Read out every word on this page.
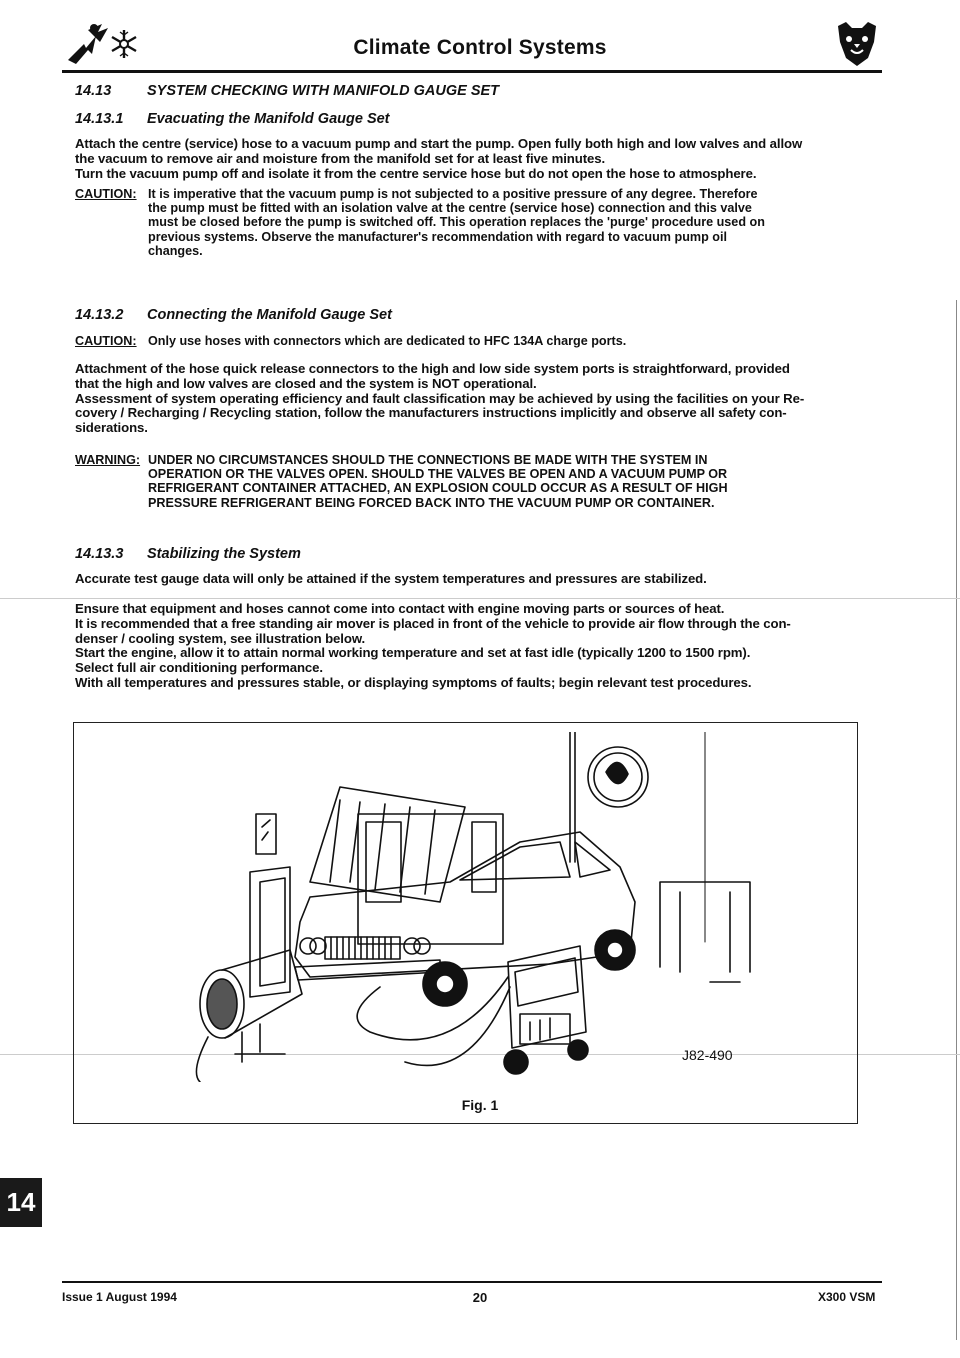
Climate Control Systems
14.13 SYSTEM CHECKING WITH MANIFOLD GAUGE SET
14.13.1 Evacuating the Manifold Gauge Set

Attach the centre (service) hose to a vacuum pump and start the pump. Open fully both high and low valves and allow

the vacuum to remove air and moisture from the manifold set for at least five minutes.

Turn the vacuum pump off and isolate it from the centre service hose but do not open the hose to atmosphere.

CAUTION: It is imperative that the vacuum pump is not subjected to a positive pressure of any degree. Therefore

the pump must be fitted with an isolation valve at the centre (service hose) connection and this valve

must be closed before the pump is switched off. This operation replaces the 'purge' procedure used on

previous systems. Observe the manufacturer's recommendation with regard to vacuum pump oil

changes.

14.13.2 Connecting the Manifold Gauge Set
CAUTION: Only use hoses with connectors which are dedicated to HFC 134A charge ports.

Attachment of the hose quick release connectors to the high and low side system ports is straightforward, provided

that the high and low valves are closed and the system is NOT operational.

Assessment of system operating efficiency and fault classification may be achieved by using the facilities on your Re-

covery / Recharging / Recycling station, follow the manufacturers instructions implicitly and observe all safety con-

siderations.

WARNING: UNDER NO CIRCUMSTANCES SHOULD THE CONNECTIONS BE MADE WITH THE SYSTEM IN

OPERATION OR THE VALVES OPEN. SHOULD THE VALVES BE OPEN AND A VACUUM PUMP OR

REFRIGERANT CONTAINER ATTACHED, AN EXPLOSION COULD OCCUR AS A RESULT OF HIGH

PRESSURE REFRIGERANT BEING FORCED BACK INTO THE VACUUM PUMP OR CONTAINER.

14.13.3 Stabilizing the System

Accurate test gauge data will only be attained if the system temperatures and pressures are stabilized.

Ensure that equipment and hoses cannot come into contact with engine moving parts or sources of heat.

It is recommended that a free standing air mover is placed in front of the vehicle to provide air flow through the con-

denser / cooling system, see illustration below.

Start the engine, allow it to attain normal working temperature and set at fast idle (typically 1200 to 1500 rpm).

Select full air conditioning performance.

With all temperatures and pressures stable, or displaying symptoms of faults; begin relevant test procedures.

J82-490
Fig. 1
14
Issue 1 August 1994	20	X300 VSM
